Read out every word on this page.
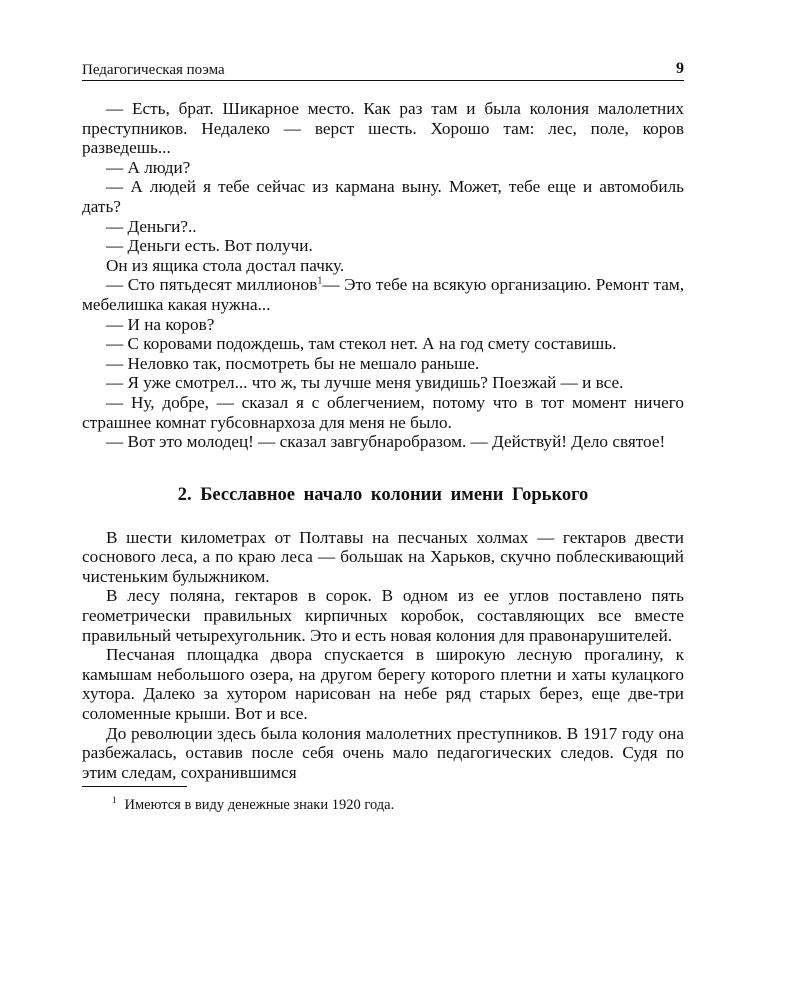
Педагогическая поэма	9

— Есть, брат. Шикарное место. Как раз там и была колония малолетних преступников. Недалеко — верст шесть. Хорошо там: лес, поле, коров разведешь...

— А люди?

— А людей я тебе сейчас из кармана выну. Может, тебе еще и автомобиль дать?

— Деньги?..

— Деньги есть. Вот получи.

Он из ящика стола достал пачку.

— Сто пятьдесят миллионов$^1$— Это тебе на всякую организацию. Ремонт там, мебелишка какая нужна...

— И на коров?

— С коровами подождешь, там стекол нет. А на год смету составишь.

— Неловко так, посмотреть бы не мешало раньше.

— Я уже смотрел... что ж, ты лучше меня увидишь? Поезжай — и все.

— Ну, добре, — сказал я с облегчением, потому что в тот момент ничего страшнее комнат губсовнархоза для меня не было.

— Вот это молодец! — сказал завгубнаробразом. — Действуй! Дело святое!

2. Бесславное начало колонии имени Горького

В шести километрах от Полтавы на песчаных холмах — гектаров двести соснового леса, а по краю леса — большак на Харьков, скучно поблескивающий чистеньким булыжником.

В лесу поляна, гектаров в сорок. В одном из ее углов поставлено пять геометрически правильных кирпичных коробок, составляющих все вместе правильный четырехугольник. Это и есть новая колония для правонарушителей.

Песчаная площадка двора спускается в широкую лесную прогалину, к камышам небольшого озера, на другом берегу которого плетни и хаты кулацкого хутора. Далеко за хутором нарисован на небе ряд старых берез, еще две-три соломенные крыши. Вот и все.

До революции здесь была колония малолетних преступников. В 1917 году она разбежалась, оставив после себя очень мало педагогических следов. Судя по этим следам, сохранившимся

$^1$ Имеются в виду денежные знаки 1920 года.
